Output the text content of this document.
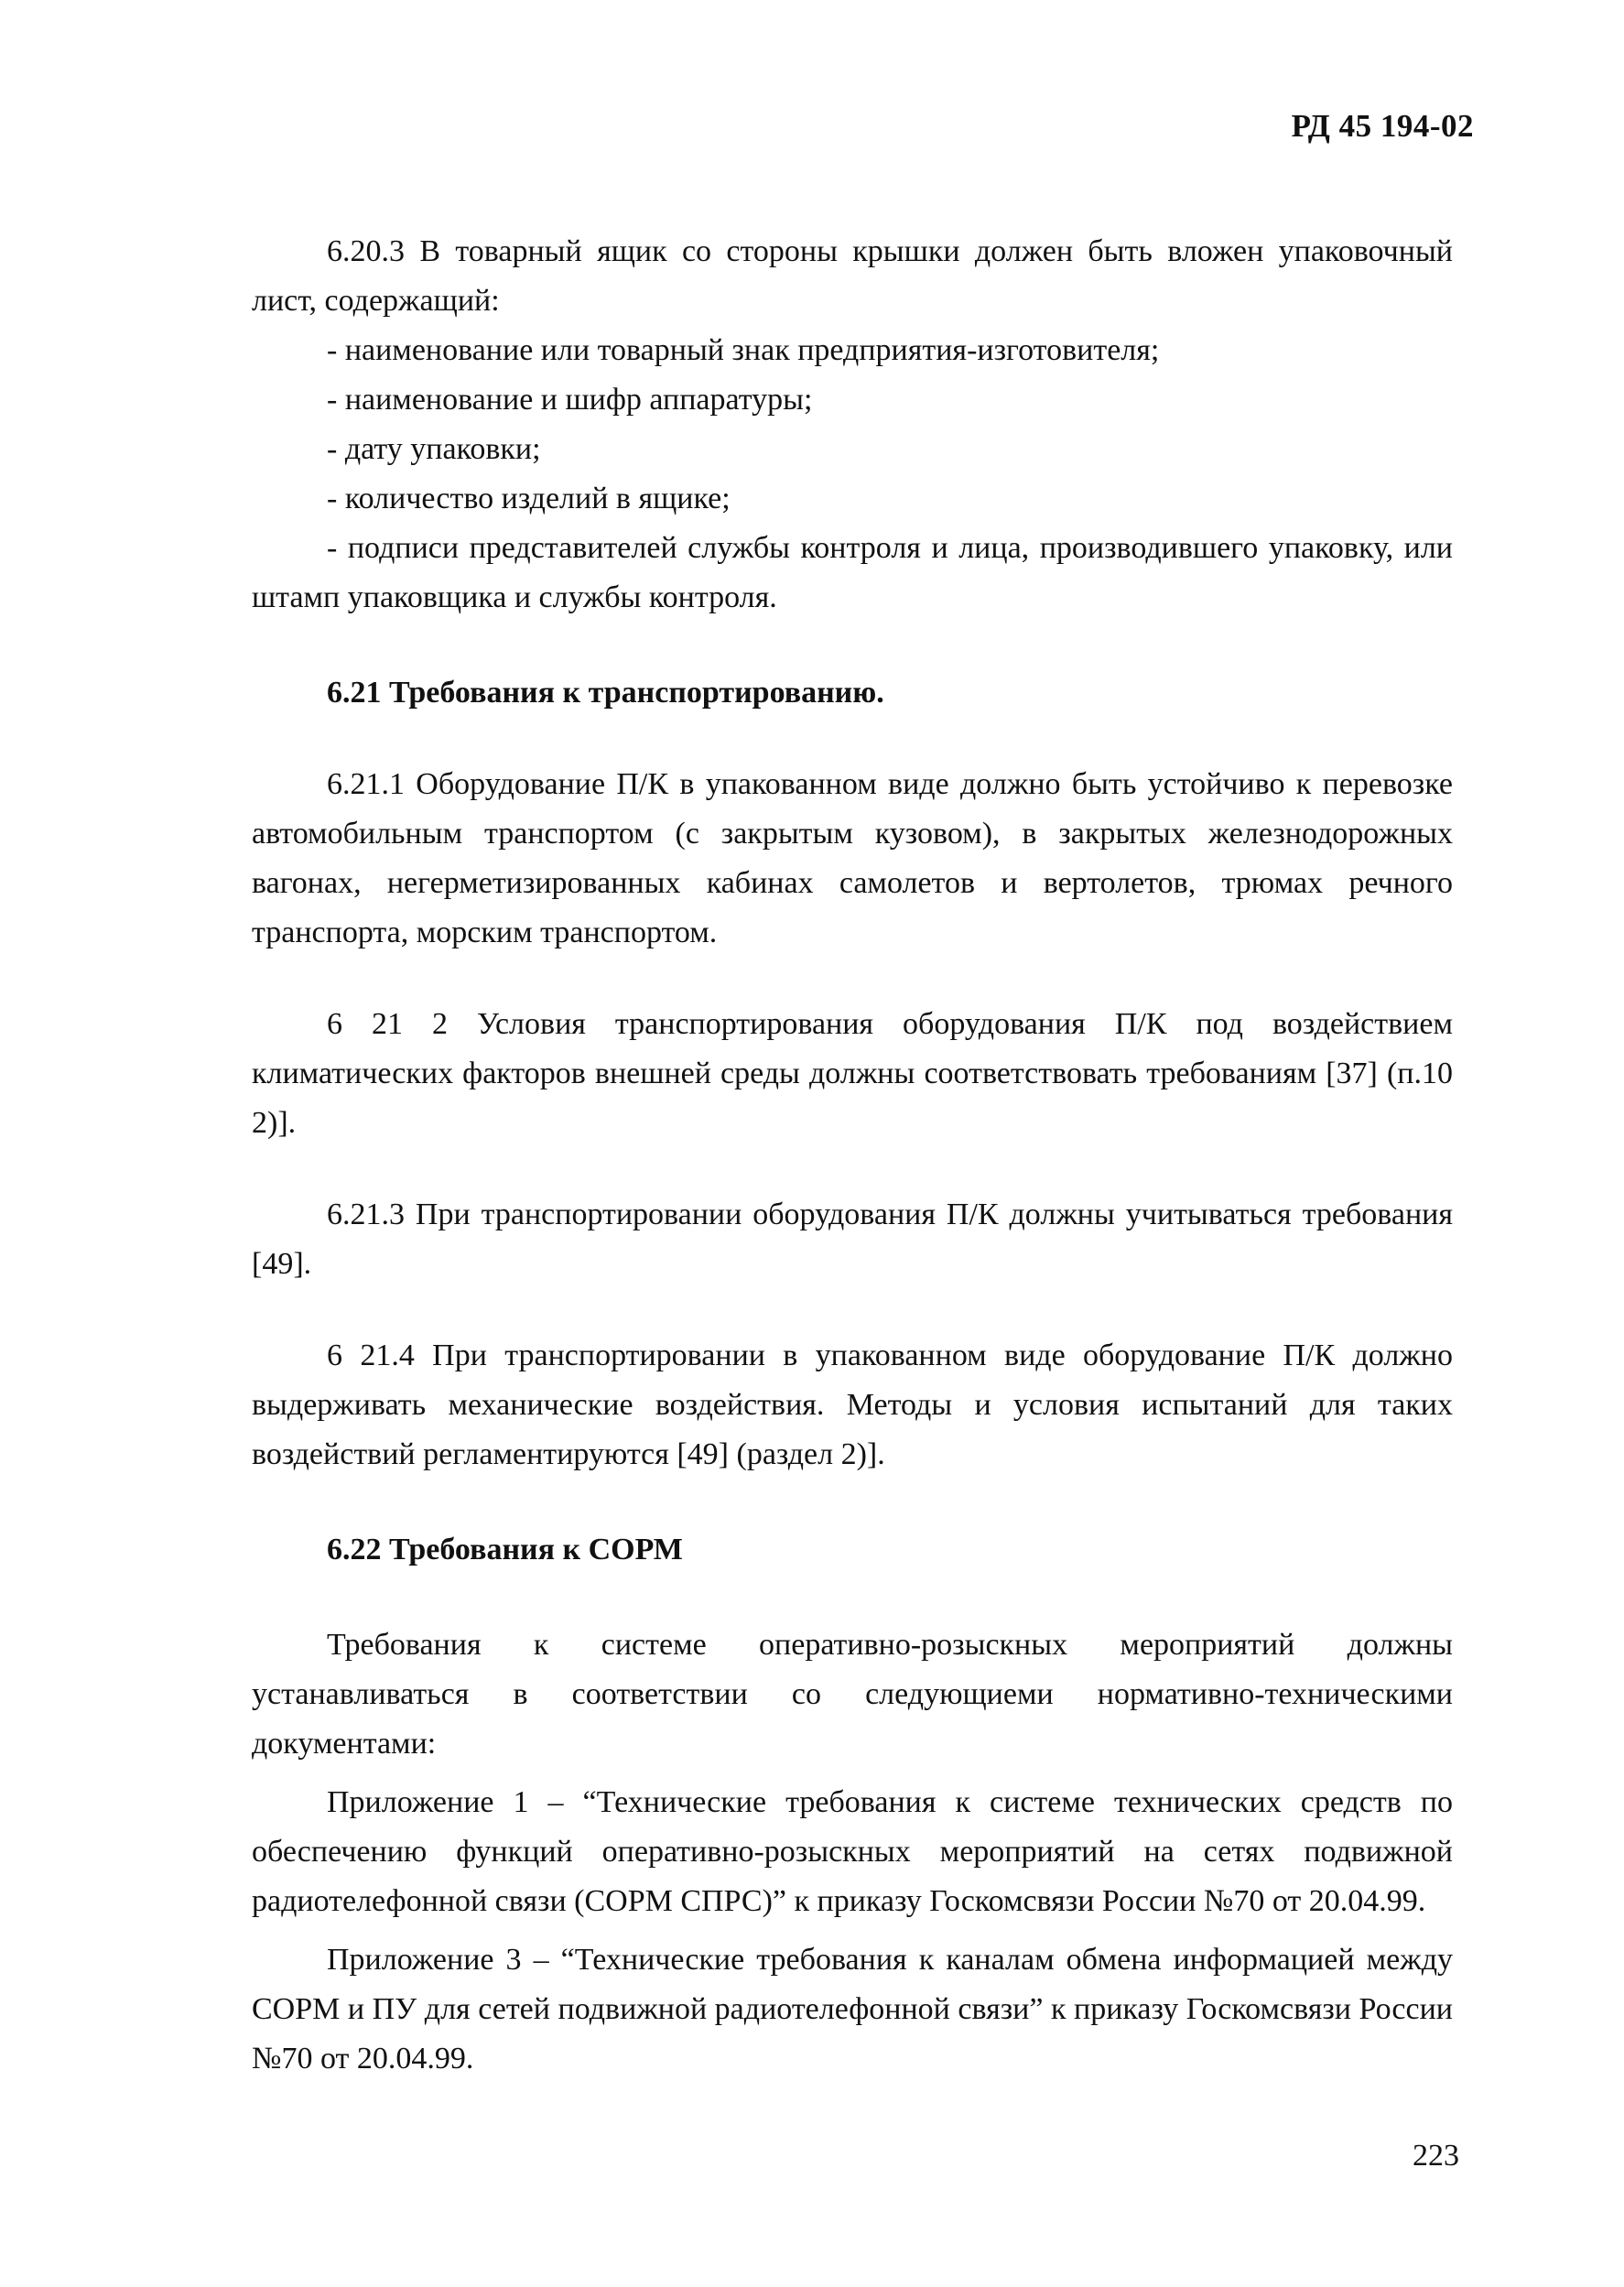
РД 45 194-02

6.20.3 В товарный ящик со стороны крышки должен быть вложен упаковочный лист, содержащий:

- наименование или товарный знак предприятия-изготовителя;
- наименование и шифр аппаратуры;
- дату упаковки;
- количество изделий в ящике;
- подписи представителей службы контроля и лица, производившего упаковку, или штамп упаковщика и службы контроля.

6.21 Требования к транспортированию.

6.21.1 Оборудование П/К в упакованном виде должно быть устойчиво к перевозке автомобильным транспортом (с закрытым кузовом), в закрытых железнодорожных вагонах, негерметизированных кабинах самолетов и вертолетов, трюмах речного транспорта, морским транспортом.

6 21 2 Условия транспортирования оборудования П/К под воздействием климатических факторов внешней среды должны соответствовать требованиям [37] (п.10 2)].

6.21.3 При транспортировании оборудования П/К должны учитываться требования [49].

6 21.4 При транспортировании в упакованном виде оборудование П/К должно выдерживать механические воздействия. Методы и условия испытаний для таких воздействий регламентируются [49] (раздел 2)].

6.22 Требования к СОРМ

Требования к системе оперативно-розыскных мероприятий должны устанавливаться в соответствии со следующиеми нормативно-техническими документами:

Приложение 1 – “Технические требования к системе технических средств по обеспечению функций оперативно-розыскных мероприятий на сетях подвижной радиотелефонной связи (СОРМ СПРС)” к приказу Госкомсвязи России №70 от 20.04.99.

Приложение 3 – “Технические требования к каналам обмена информацией между СОРМ и ПУ для сетей подвижной радиотелефонной связи” к приказу Госкомсвязи России №70 от 20.04.99.

223
